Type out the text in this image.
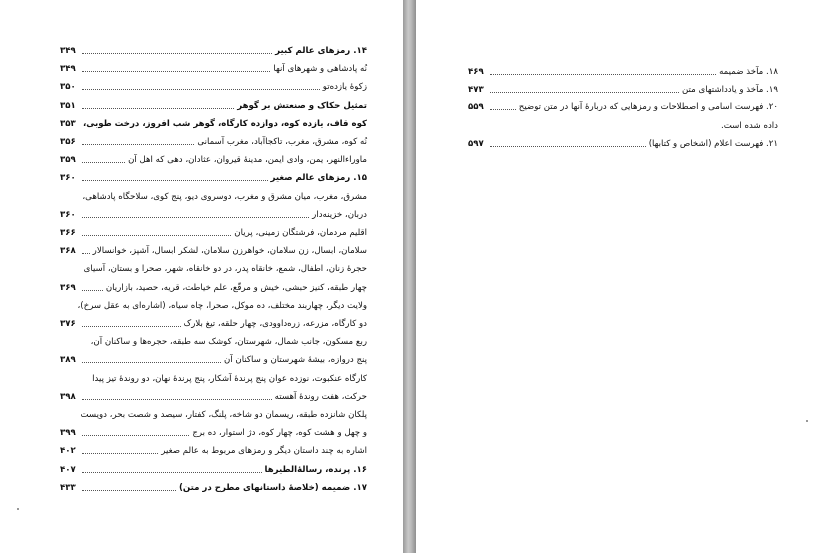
۱۴. رمزهای عالم کبیر
۳۴۹
نُه پادشاهی و شهرهای آنها
۳۴۹
زکوهٔ یازده‌تو
۳۵۰
تمثیل حکاک و صنعتش بر گوهر
۳۵۱
کوه قاف، یازده کوه، دوازده کارگاه، گوهر شب افروز، درخت طوبی،
۳۵۳
نُه کوه، مشرق، مغرب، تاکجاآباد، مغرب آسمانی
۳۵۶
ماوراءالنهر، یمن، وادی ایمن، مدینهٔ قیروان، عثادان، دهی که اهل آن
۳۵۹
۱۵. رمزهای عالم صغیر
۳۶۰
مشرق، مغرب، میان مشرق و مغرب، دوسروی دیو، پنج کوی، سلاحگاه پادشاهی،
دربان، خزینه‌دار
۳۶۰
اقلیم مردمان، فرشتگان زمینی، پریان
۳۶۶
سلامان، ابسال، زن سلامان، خواهرزن سلامان، لشکر ابسال، آشپز، خوانسالار
۳۶۸
حجرهٔ زنان، اطفال، شمع، خانقاه پدر، در دو خانقاه، شهر، صحرا و بستان، آسیای
چهار طبقه، کنیز حبشی، خیش و مرقّع، علم خیاطت، قریه، حصید، بازاریان
۳۶۹
ولایت دیگر، چهاربند مختلف، ده موکل، صحرا، چاه سیاه، (اشاره‌ای به عقل سرخ)،
دو کارگاه، مزرعه، زره‌داوودی، چهار حلقه، تیغ بلارک
۳۷۶
ربع مسکون، جانب شمال، شهرستان، کوشک سه طبقه، حجره‌ها و ساکنان آن،
پنج دروازه، بیشهٔ شهرستان و ساکنان آن
۳۸۹
کارگاه عنکبوت، نوزده عوان پنج پرندهٔ آشکار، پنج پرندهٔ نهان، دو روندهٔ تیز پیدا
حرکت، هفت روندهٔ آهسته
۳۹۸
پلکان شانزده طبقه، ریسمان دو شاخه، پلنگ، کفتار، سیصد و شصت بحر، دویست
و چهل و هشت کوه، چهار کوه، دژ استوار، ده برج
۳۹۹
اشاره به چند داستان دیگر و رمزهای مربوط به عالم صغیر
۴۰۲
۱۶. پرنده، رسالهٔ‌الطیرها
۴۰۷
۱۷. ضمیمه (خلاصهٔ داستانهای مطرح در متن)
۴۳۳
۱۸. مآخذ ضمیمه
۴۶۹
۱۹. مآخذ و یادداشتهای متن
۴۷۳
۲۰. فهرست اسامی و اصطلاحات و رمزهایی که دربارهٔ آنها در متن توضیح
۵۵۹
داده شده است.
۲۱. فهرست اعلام (اشخاص و کتابها)
۵۹۷
